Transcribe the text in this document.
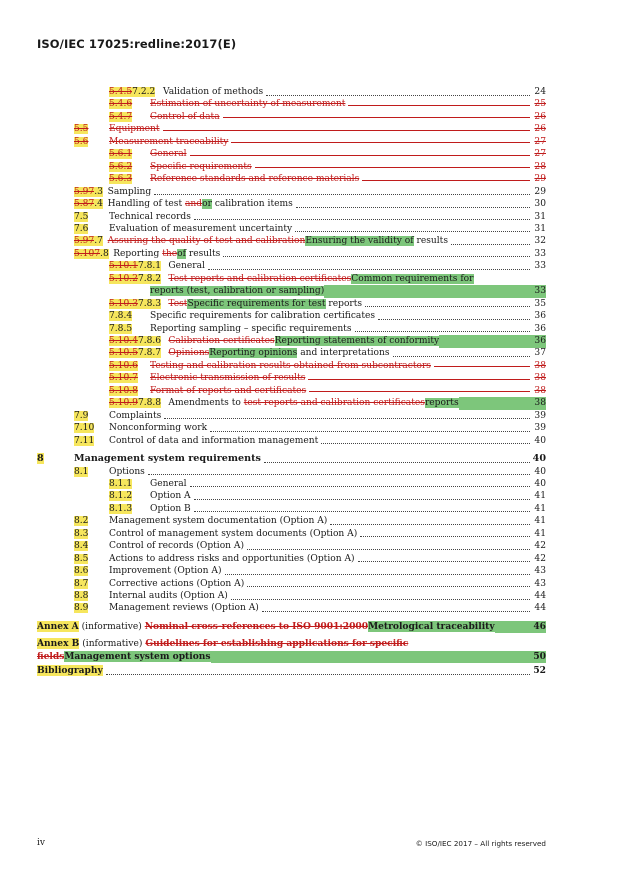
ISO/IEC 17025:redline:2017(E)
5.4.57.2.2 Validation of methods	24
5.4.6 Estimation of uncertainty of measurement	25
5.4.7 Control of data	26
5.5 Equipment	26
5.6 Measurement traceability	27
5.6.1 General	27
5.6.2 Specific requirements	28
5.6.3 Reference standards and reference materials	29
5.97.3 Sampling	29
5.87.4 Handling of test andor calibration items	30
7.5 Technical records	31
7.6 Evaluation of measurement uncertainty	31
5.97.7 Assuring the quality of test and calibrationEnsuring the validity of results	32
5.107.8 Reporting theof results	33
5.10.17.8.1 General	33
5.10.27.8.2 Test reports and calibration certificatesCommon requirements for
reports (test, calibration or sampling)	33
5.10.37.8.3 TestSpecific requirements for test reports	35
7.8.4 Specific requirements for calibration certificates	36
7.8.5 Reporting sampling – specific requirements	36
5.10.47.8.6 Calibration certificatesReporting statements of conformity	36
5.10.57.8.7 OpinionsReporting opinions and interpretations	37
5.10.6 Testing and calibration results obtained from subcontractors	38
5.10.7 Electronic transmission of results	38
5.10.8 Format of reports and certificates	38
5.10.97.8.8 Amendments to test reports and calibration certificatesreports	38
7.9 Complaints	39
7.10 Nonconforming work	39
7.11 Control of data and information management	40
8	Management system requirements	40
8.1 Options	40
8.1.1 General	40
8.1.2 Option A	41
8.1.3 Option B	41
8.2 Management system documentation (Option A)	41
8.3 Control of management system documents (Option A)	41
8.4 Control of records (Option A)	42
8.5 Actions to address risks and opportunities (Option A)	42
8.6 Improvement (Option A)	43
8.7 Corrective actions (Option A)	43
8.8 Internal audits (Option A)	44
8.9 Management reviews (Option A)	44
Annex A (informative) Nominal cross-references to ISO 9001:2000Metrological traceability	46
Annex B (informative) Guidelines for establishing applications for specific
fieldsManagement system options	50
Bibliography	52
iv	© ISO/IEC 2017 – All rights reserved
